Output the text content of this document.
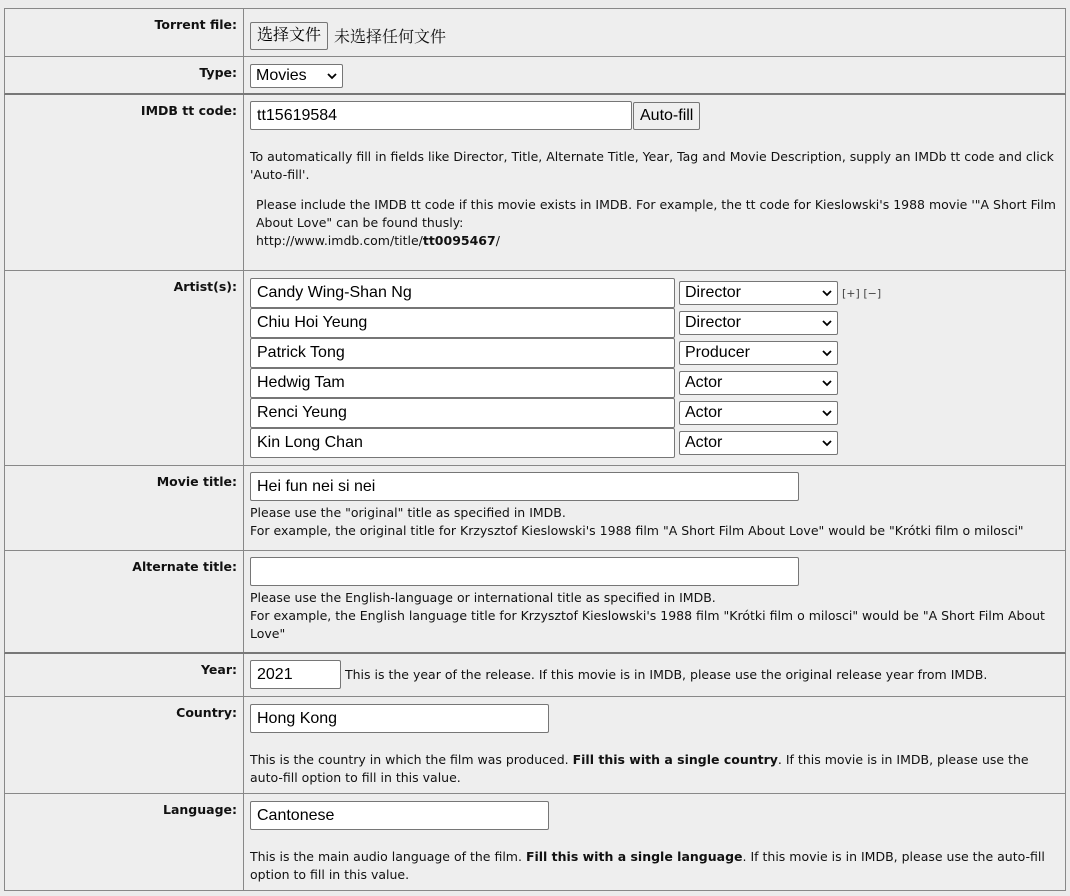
Torrent file:
选择文件 未选择任何文件
Type:	Movies
IMDB tt code:	tt15619584	Auto-fill

To automatically fill in fields like Director, Title, Alternate Title, Year, Tag and Movie Description, supply an IMDb tt code and click 'Auto-fill'.

Please include the IMDB tt code if this movie exists in IMDB. For example, the tt code for Kieslowski's 1988 movie '"A Short Film About Love" can be found thusly:

http://www.imdb.com/title/tt0095467/

Artist(s):	Candy Wing-Shan Ng	Director	[+] [−]
Chiu Hoi Yeung	Director
Patrick Tong	Producer
Hedwig Tam	Actor
Renci Yeung	Actor
Kin Long Chan	Actor
Movie title:	Hei fun nei si nei

Please use the "original" title as specified in IMDB.

For example, the original title for Krzysztof Kieslowski's 1988 film "A Short Film About Love" would be "Krótki film o milosci"

Alternate title:

Please use the English-language or international title as specified in IMDB.

For example, the English language title for Krzysztof Kieslowski's 1988 film "Krótki film o milosci" would be "A Short Film About Love"

Year:	2021	This is the year of the release. If this movie is in IMDB, please use the original release year from IMDB.
Country:	Hong Kong

This is the country in which the film was produced. Fill this with a single country. If this movie is in IMDB, please use the auto-fill option to fill in this value.

Language:	Cantonese

This is the main audio language of the film. Fill this with a single language. If this movie is in IMDB, please use the auto-fill option to fill in this value.
